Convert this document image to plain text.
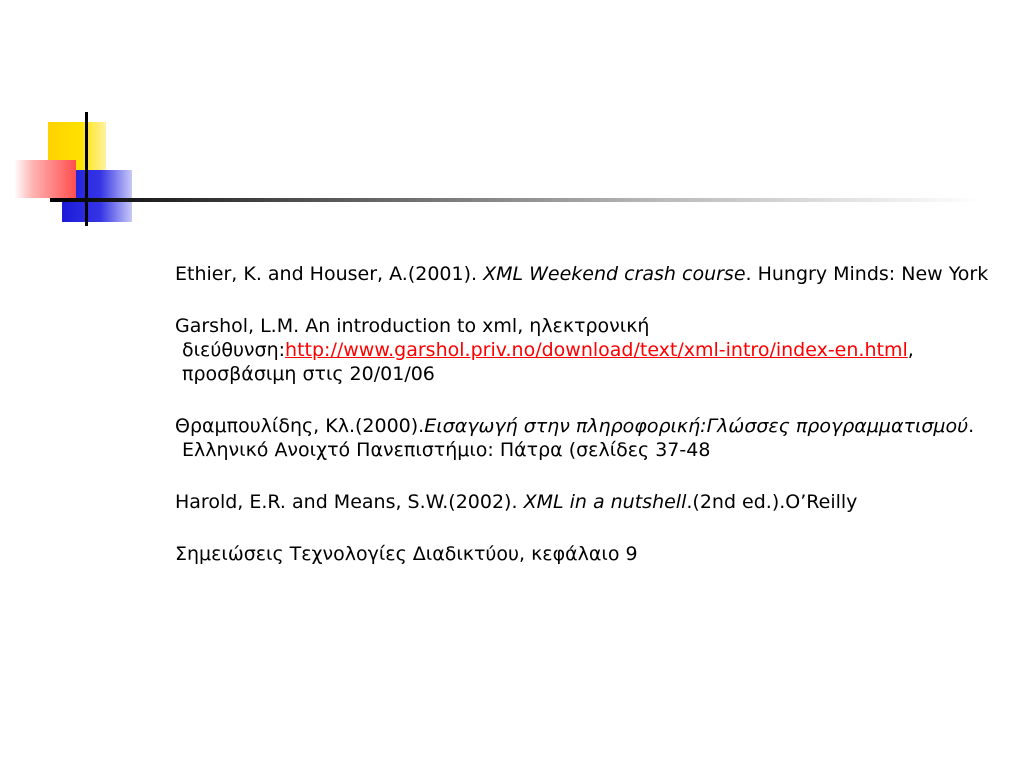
Ethier, K. and Houser, A.(2001). XML Weekend crash course. Hungry Minds: New York

Garshol, L.M. An introduction to xml, ηλεκτρονική διεύθυνση:http://www.garshol.priv.no/download/text/xml-intro/index-en.html, προσβάσιμη στις 20/01/06

Θραμπουλίδης, Κλ.(2000).Εισαγωγή στην πληροφορική:Γλώσσες προγραμματισμού. Ελληνικό Ανοιχτό Πανεπιστήμιο: Πάτρα (σελίδες 37-48

Harold, E.R. and Means, S.W.(2002). XML in a nutshell.(2nd ed.).O’Reilly

Σημειώσεις Τεχνολογίες Διαδικτύου, κεφάλαιο 9
